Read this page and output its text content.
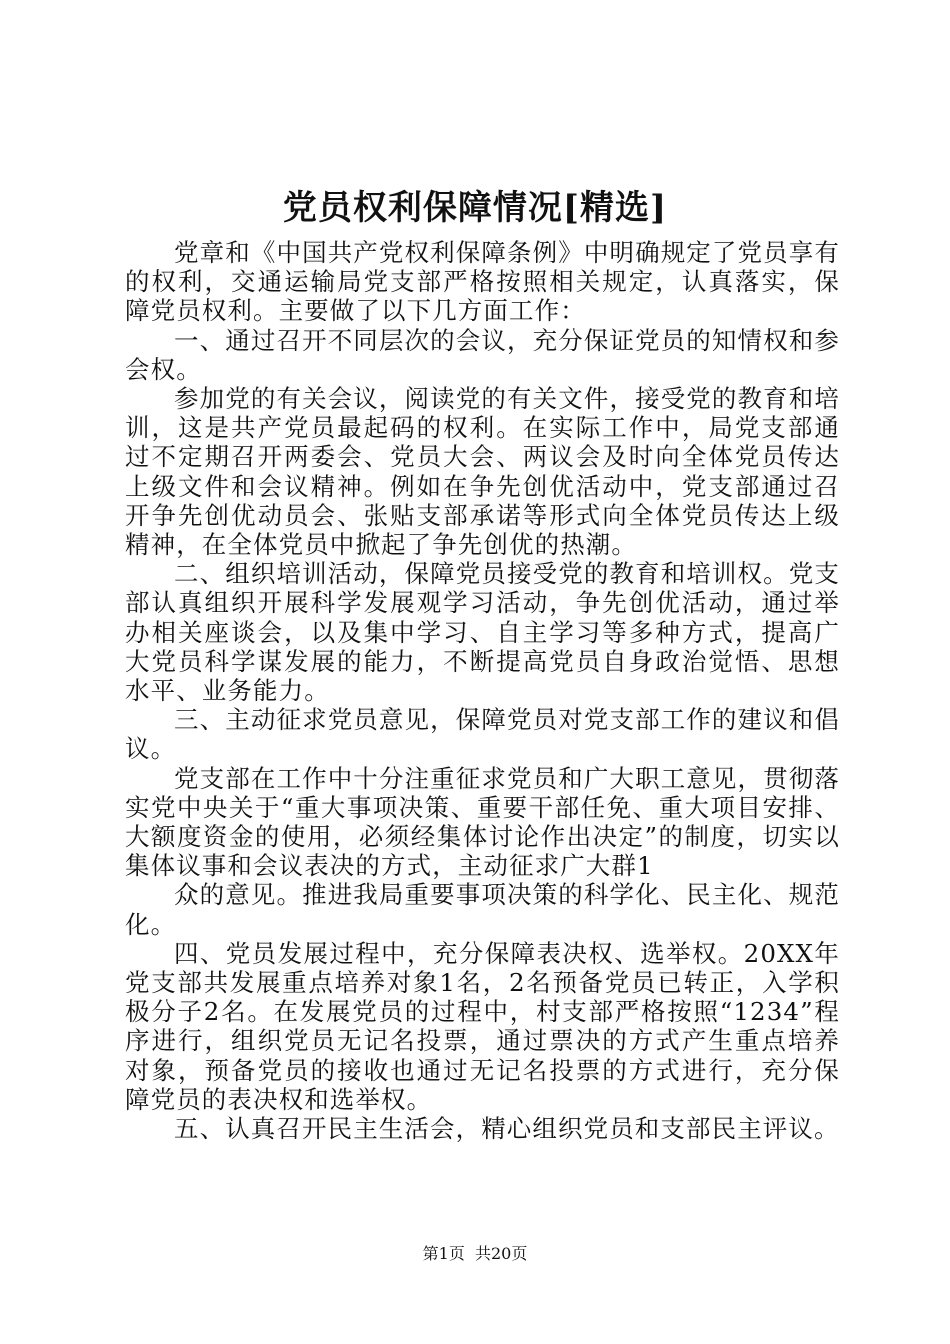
党员权利保障情况[精选]

党章和《中国共产党权利保障条例》中明确规定了党员享有的权利，交通运输局党支部严格按照相关规定，认真落实，保障党员权利。主要做了以下几方面工作：

一、通过召开不同层次的会议，充分保证党员的知情权和参会权。

参加党的有关会议，阅读党的有关文件，接受党的教育和培训，这是共产党员最起码的权利。在实际工作中，局党支部通过不定期召开两委会、党员大会、两议会及时向全体党员传达上级文件和会议精神。例如在争先创优活动中，党支部通过召开争先创优动员会、张贴支部承诺等形式向全体党员传达上级精神，在全体党员中掀起了争先创优的热潮。

二、组织培训活动，保障党员接受党的教育和培训权。党支部认真组织开展科学发展观学习活动，争先创优活动，通过举办相关座谈会，以及集中学习、自主学习等多种方式，提高广大党员科学谋发展的能力，不断提高党员自身政治觉悟、思想水平、业务能力。

三、主动征求党员意见，保障党员对党支部工作的建议和倡议。

党支部在工作中十分注重征求党员和广大职工意见，贯彻落实党中央关于“重大事项决策、重要干部任免、重大项目安排、大额度资金的使用，必须经集体讨论作出决定”的制度，切实以集体议事和会议表决的方式，主动征求广大群1

众的意见。推进我局重要事项决策的科学化、民主化、规范化。

四、党员发展过程中，充分保障表决权、选举权。20XX年党支部共发展重点培养对象1名，2名预备党员已转正，入学积极分子2名。在发展党员的过程中，村支部严格按照“1234”程序进行，组织党员无记名投票，通过票决的方式产生重点培养对象，预备党员的接收也通过无记名投票的方式进行，充分保障党员的表决权和选举权。

五、认真召开民主生活会，精心组织党员和支部民主评议。

第1页  共20页
